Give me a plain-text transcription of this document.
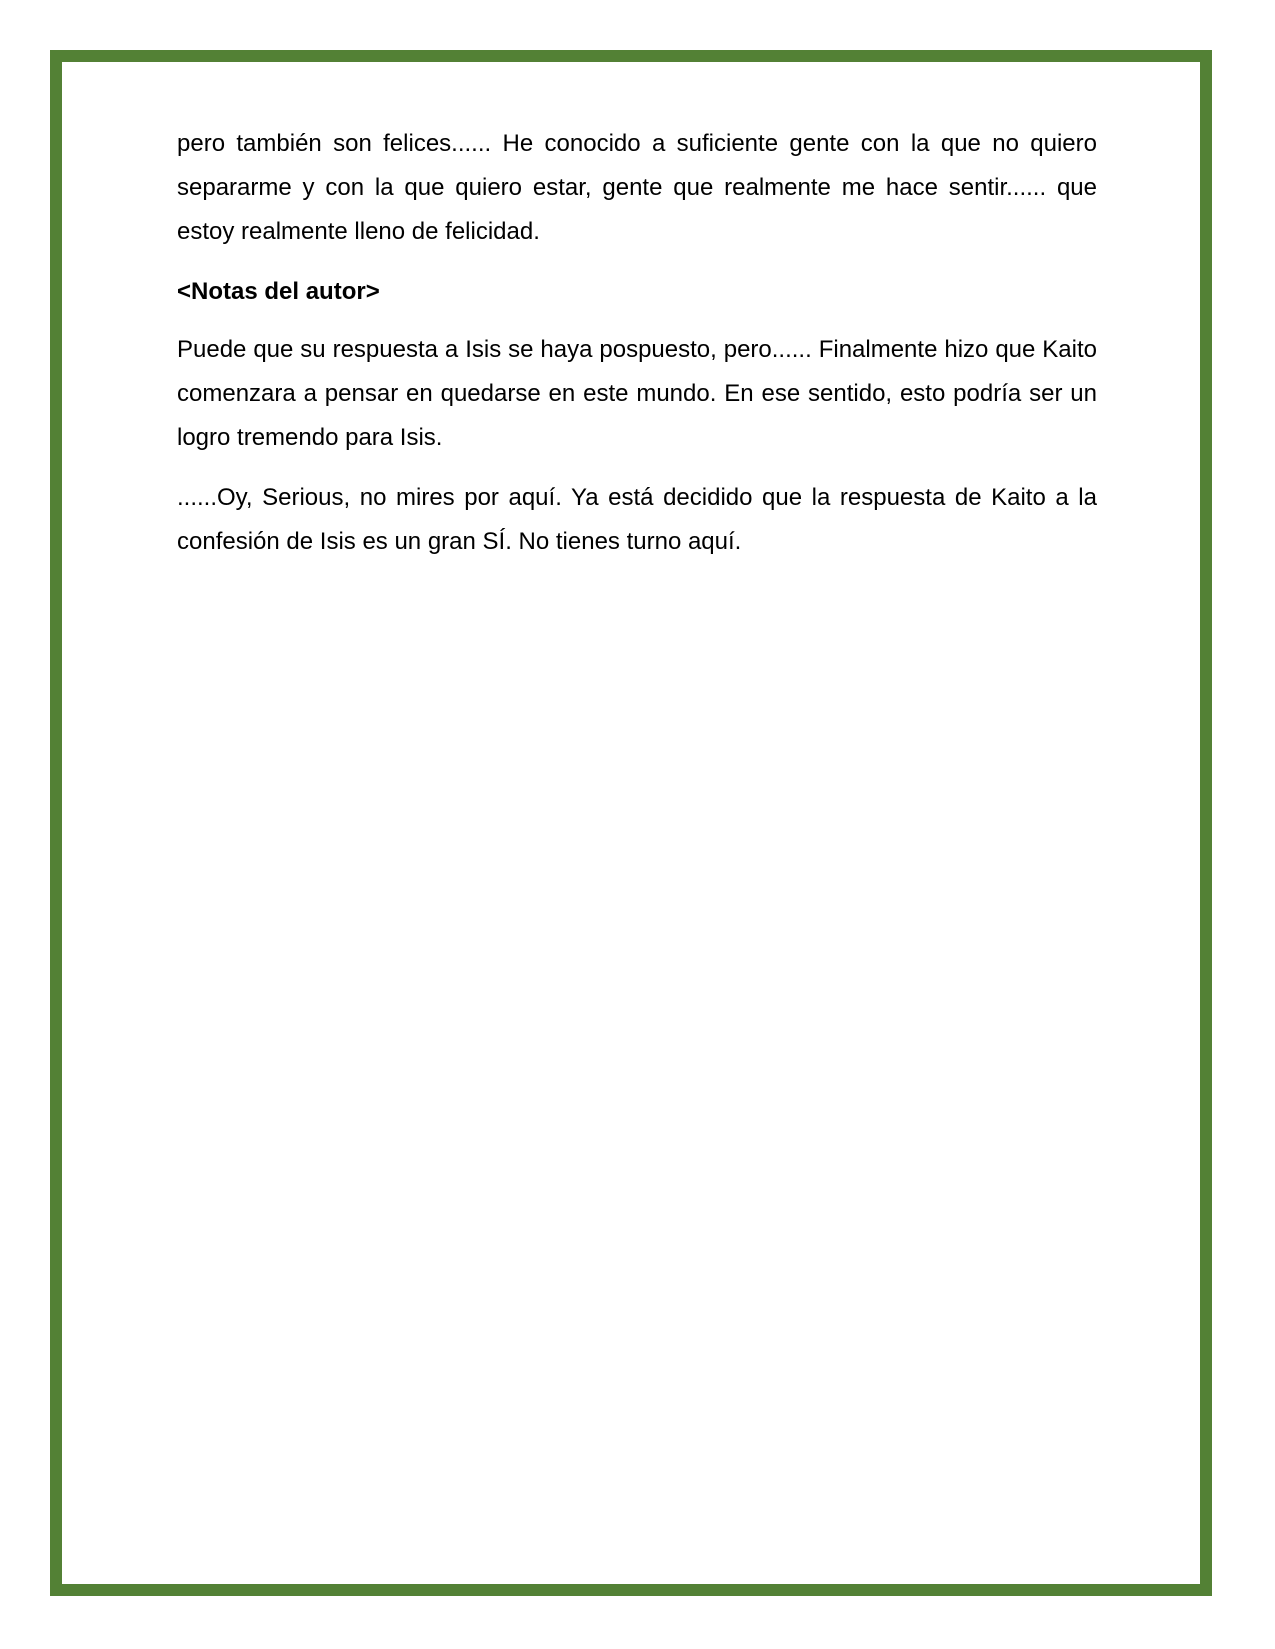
pero también son felices...... He conocido a suficiente gente con la que no quiero separarme y con la que quiero estar, gente que realmente me hace sentir...... que estoy realmente lleno de felicidad.

<Notas del autor>

Puede que su respuesta a Isis se haya pospuesto, pero...... Finalmente hizo que Kaito comenzara a pensar en quedarse en este mundo. En ese sentido, esto podría ser un logro tremendo para Isis.

......Oy, Serious, no mires por aquí. Ya está decidido que la respuesta de Kaito a la confesión de Isis es un gran SÍ. No tienes turno aquí.
